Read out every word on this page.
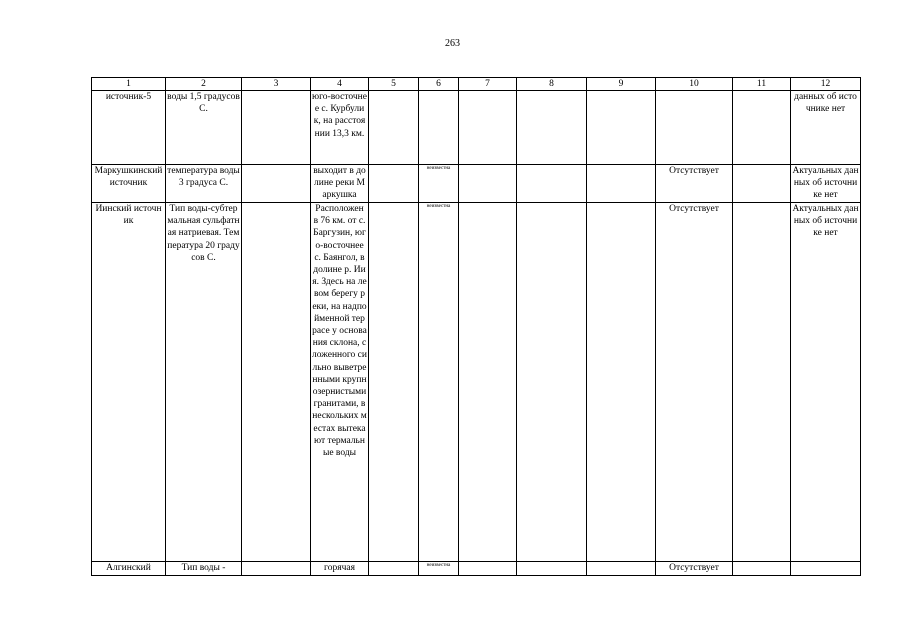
263
1	2	3	4	5	6	7	8	9	10	11	12
источник-5	воды 1,5 градусов С.		юго-восточнее с. Курбулик, на расстоянии 13,3 км.								данных об источнике нет
Маркушкинский источник	температура воды 3 градуса С.		выходит в долине реки Маркушка		неизвестна				Отсутствует		Актуальных данных об источнике нет
Иинский источник	Тип воды-субтермальная сульфатная натриевая. Температура 20 градусов С.		Расположен в 76 км. от с. Баргузин, юго-восточнее с. Баянгол, в долине р. Иия. Здесь на левом берегу реки, на надпойменной террасе у основания склона, сложенного сильно выветренными крупнозернистыми гранитами, в нескольких местах вытекают термальные воды		неизвестна				Отсутствует		Актуальных данных об источнике нет
Алгинский	Тип воды -		горячая		неизвестна				Отсутствует		
